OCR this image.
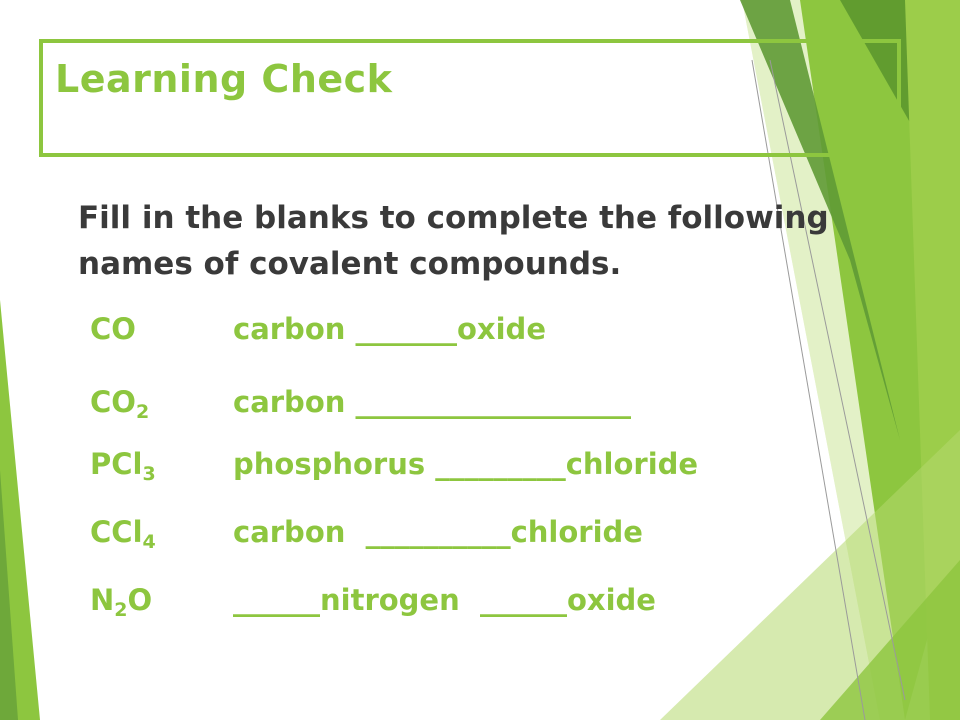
Learning Check

Fill in the blanks to complete the following names of covalent compounds.

CO

	carbon _______oxide

$CO_2$

	carbon ___________________

PCl$_3$

	phosphorus _________chloride

CCl$_4$

	carbon  __________chloride

$N_2O$

	______nitrogen  ______oxide
